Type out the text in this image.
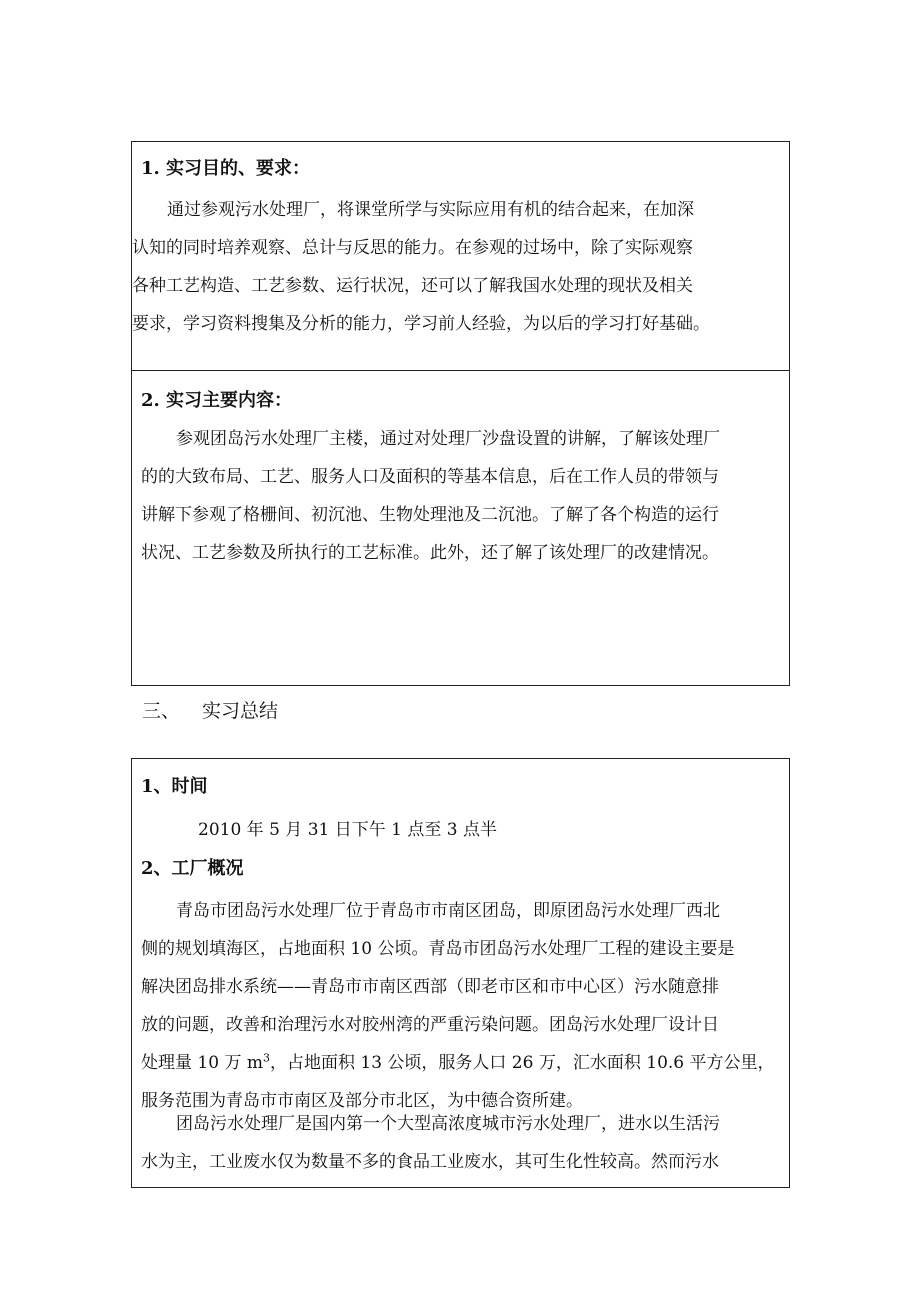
1. 实习目的、要求：
通过参观污水处理厂，将课堂所学与实际应用有机的结合起来，在加深
认知的同时培养观察、总计与反思的能力。在参观的过场中，除了实际观察
各种工艺构造、工艺参数、运行状况，还可以了解我国水处理的现状及相关
要求，学习资料搜集及分析的能力，学习前人经验，为以后的学习打好基础。
2. 实习主要内容：
参观团岛污水处理厂主楼，通过对处理厂沙盘设置的讲解，了解该处理厂
的的大致布局、工艺、服务人口及面积的等基本信息，后在工作人员的带领与
讲解下参观了格栅间、初沉池、生物处理池及二沉池。了解了各个构造的运行
状况、工艺参数及所执行的工艺标准。此外，还了解了该处理厂的改建情况。
三、 实习总结
1、时间
2010 年 5 月 31 日下午 1 点至 3 点半
2、工厂概况
青岛市团岛污水处理厂位于青岛市市南区团岛，即原团岛污水处理厂西北
侧的规划填海区，占地面积 10 公顷。青岛市团岛污水处理厂工程的建设主要是
解决团岛排水系统——青岛市市南区西部（即老市区和市中心区）污水随意排
放的问题，改善和治理污水对胶州湾的严重污染问题。团岛污水处理厂设计日
处理量 10 万 $m^3$，占地面积 13 公顷，服务人口 26 万，汇水面积 10.6 平方公里，
服务范围为青岛市市南区及部分市北区，为中德合资所建。
团岛污水处理厂是国内第一个大型高浓度城市污水处理厂，进水以生活污
水为主，工业废水仅为数量不多的食品工业废水，其可生化性较高。然而污水
